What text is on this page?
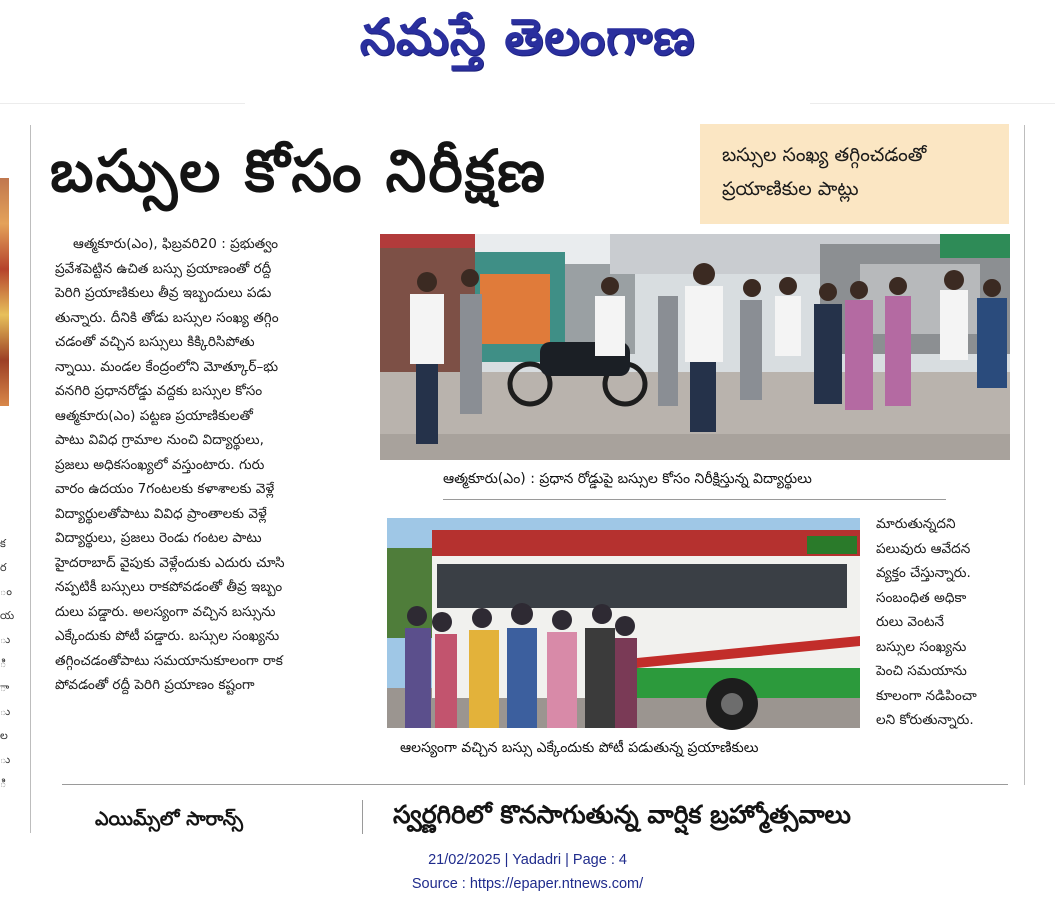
నమస్తే తెలంగాణ
క
ర
ం
య
ు
ి
ా
ు
ల
ు
ి
బస్సుల కోసం నిరీక్షణ	బస్సుల సంఖ్య తగ్గించడంతో
ప్రయాణికుల పాట్లు
ఆత్మకూరు(ఎం), ఫిబ్రవరి20 : ప్రభుత్వం
ప్రవేశపెట్టిన ఉచిత బస్సు ప్రయాణంతో రద్దీ
పెరిగి ప్రయాణికులు తీవ్ర ఇబ్బందులు పడు
తున్నారు. దీనికి తోడు బస్సుల సంఖ్య తగ్గిం
చడంతో వచ్చిన బస్సులు కిక్కిరిసిపోతు
న్నాయి. మండల కేంద్రంలోని మోత్కూర్–భు
వనగిరి ప్రధానరోడ్డు వద్దకు బస్సుల కోసం
ఆత్మకూరు(ఎం) పట్టణ ప్రయాణికులతో
పాటు వివిధ గ్రామాల నుంచి విద్యార్థులు,
ప్రజలు అధికసంఖ్యలో వస్తుంటారు. గురు
వారం ఉదయం 7గంటలకు కళాశాలకు వెళ్లే
విద్యార్థులతోపాటు వివిధ ప్రాంతాలకు వెళ్లే
విద్యార్థులు, ప్రజలు రెండు గంటల పాటు
హైదరాబాద్ వైపుకు వెళ్లేందుకు ఎదురు చూసి
నప్పటికీ బస్సులు రాకపోవడంతో తీవ్ర ఇబ్బం
దులు పడ్డారు. అలస్యంగా వచ్చిన బస్సును
ఎక్కేందుకు పోటీ పడ్డారు. బస్సుల సంఖ్యను
తగ్గించడంతోపాటు సమయానుకూలంగా రాక
పోవడంతో రద్దీ పెరిగి ప్రయాణం కష్టంగా
ఆత్మకూరు(ఎం) : ప్రధాన రోడ్డుపై బస్సుల కోసం నిరీక్షిస్తున్న విద్యార్థులు
ఆలస్యంగా వచ్చిన బస్సు ఎక్కేందుకు పోటీ పడుతున్న ప్రయాణికులు
మారుతున్నదని
పలువురు ఆవేదన
వ్యక్తం చేస్తున్నారు.
సంబంధిత అధికా
రులు వెంటనే
బస్సుల సంఖ్యను
పెంచి సమయాను
కూలంగా నడిపించా
లని కోరుతున్నారు.
ఎయిమ్స్‌లో సారాన్స్	స్వర్ణగిరిలో కొనసాగుతున్న వార్షిక బ్రహ్మోత్సవాలు
21/02/2025 | Yadadri | Page : 4
Source : https://epaper.ntnews.com/
